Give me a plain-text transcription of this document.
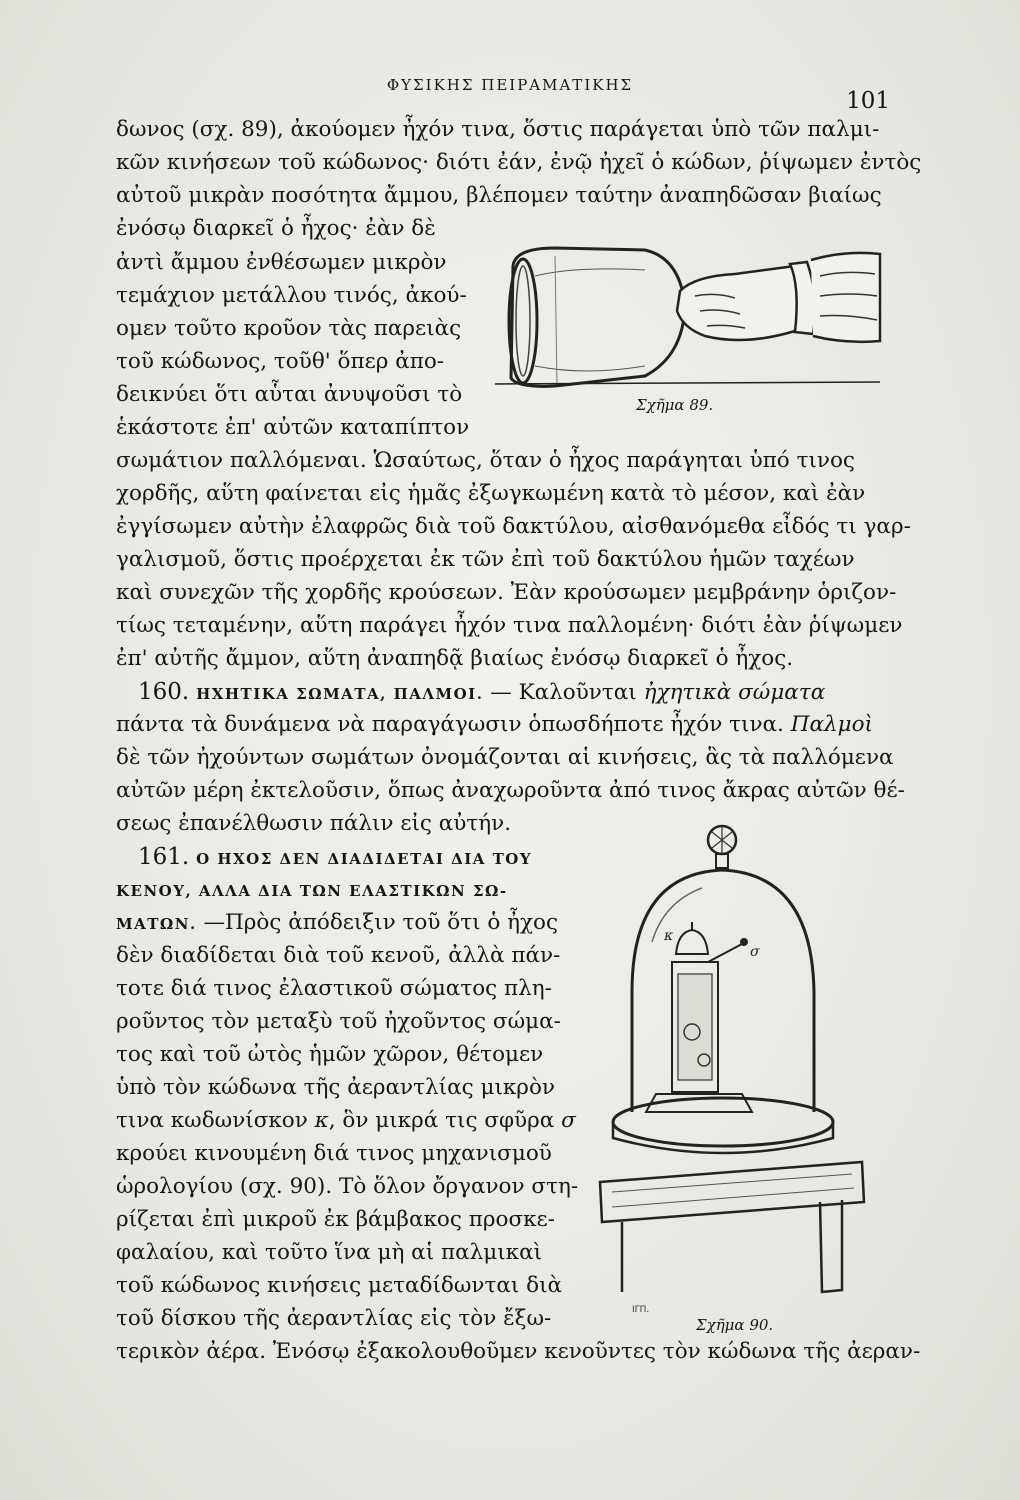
ΦΥΣΙΚΗΣ ΠΕΙΡΑΜΑΤΙΚΗΣ
101

δωνος (σχ. 89), ἀκούομεν ἦχόν τινα, ὅστις παράγεται ὑπὸ τῶν παλμι-

κῶν κινήσεων τοῦ κώδωνος· διότι ἐάν, ἐνῷ ἠχεῖ ὁ κώδων, ῥίψωμεν ἐντὸς

αὐτοῦ μικρὰν ποσότητα ἄμμου, βλέπομεν ταύτην ἀναπηδῶσαν βιαίως

ἐνόσῳ διαρκεῖ ὁ ἦχος· ἐὰν δὲ

ἀντὶ ἄμμου ἐνθέσωμεν μικρὸν

τεμάχιον μετάλλου τινός, ἀκού-

ομεν τοῦτο κροῦον τὰς παρειὰς

τοῦ κώδωνος, τοῦθ' ὅπερ ἀπο-

δεικνύει ὅτι αὗται ἀνυψοῦσι τὸ

ἑκάστοτε ἐπ' αὐτῶν καταπίπτον

σωμάτιον παλλόμεναι. Ὡσαύτως, ὅταν ὁ ἦχος παράγηται ὑπό τινος

χορδῆς, αὕτη φαίνεται εἰς ἡμᾶς ἐξωγκωμένη κατὰ τὸ μέσον, καὶ ἐὰν

ἐγγίσωμεν αὐτὴν ἐλαφρῶς διὰ τοῦ δακτύλου, αἰσθανόμεθα εἶδός τι γαρ-

γαλισμοῦ, ὅστις προέρχεται ἐκ τῶν ἐπὶ τοῦ δακτύλου ἡμῶν ταχέων

καὶ συνεχῶν τῆς χορδῆς κρούσεων. Ἐὰν κρούσωμεν μεμβράνην ὁριζον-

τίως τεταμένην, αὕτη παράγει ἦχόν τινα παλλομένη· διότι ἐὰν ῥίψωμεν

ἐπ' αὐτῆς ἄμμον, αὕτη ἀναπηδᾷ βιαίως ἐνόσῳ διαρκεῖ ὁ ἦχος.

160. ΗΧΗΤΙΚΑ ΣΩΜΑΤΑ, ΠΑΛΜΟΙ. — Καλοῦνται ἠχητικὰ σώματα

πάντα τὰ δυνάμενα νὰ παραγάγωσιν ὁπωσδήποτε ἦχόν τινα. Παλμοὶ

δὲ τῶν ἠχούντων σωμάτων ὀνομάζονται αἱ κινήσεις, ἃς τὰ παλλόμενα

αὐτῶν μέρη ἐκτελοῦσιν, ὅπως ἀναχωροῦντα ἀπό τινος ἄκρας αὐτῶν θέ-

σεως ἐπανέλθωσιν πάλιν εἰς αὐτήν.

161. Ο ΗΧΟΣ ΔΕΝ ΔΙΑΔΙΔΕΤΑΙ ΔΙΑ ΤΟΥ

ΚΕΝΟΥ, ΑΛΛΑ ΔΙΑ ΤΩΝ ΕΛΑΣΤΙΚΩΝ ΣΩ-

ΜΑΤΩΝ. —Πρὸς ἀπόδειξιν τοῦ ὅτι ὁ ἦχος

δὲν διαδίδεται διὰ τοῦ κενοῦ, ἀλλὰ πάν-

τοτε διά τινος ἐλαστικοῦ σώματος πλη-

ροῦντος τὸν μεταξὺ τοῦ ἠχοῦντος σώμα-

τος καὶ τοῦ ὠτὸς ἡμῶν χῶρον, θέτομεν

ὑπὸ τὸν κώδωνα τῆς ἀεραντλίας μικρὸν

τινα κωδωνίσκον κ, ὃν μικρά τις σφῦρα σ

κρούει κινουμένη διά τινος μηχανισμοῦ

ὡρολογίου (σχ. 90). Τὸ ὅλον ὄργανον στη-

ρίζεται ἐπὶ μικροῦ ἐκ βάμβακος προσκε-

φαλαίου, καὶ τοῦτο ἵνα μὴ αἱ παλμικαὶ

τοῦ κώδωνος κινήσεις μεταδίδωνται διὰ

τοῦ δίσκου τῆς ἀεραντλίας εἰς τὸν ἔξω-

τερικὸν ἀέρα. Ἐνόσῳ ἐξακολουθοῦμεν κενοῦντες τὸν κώδωνα τῆς ἀεραν-

Σχῆμα 89.
κ
σ
ΙΓΠ.
Σχῆμα 90.
